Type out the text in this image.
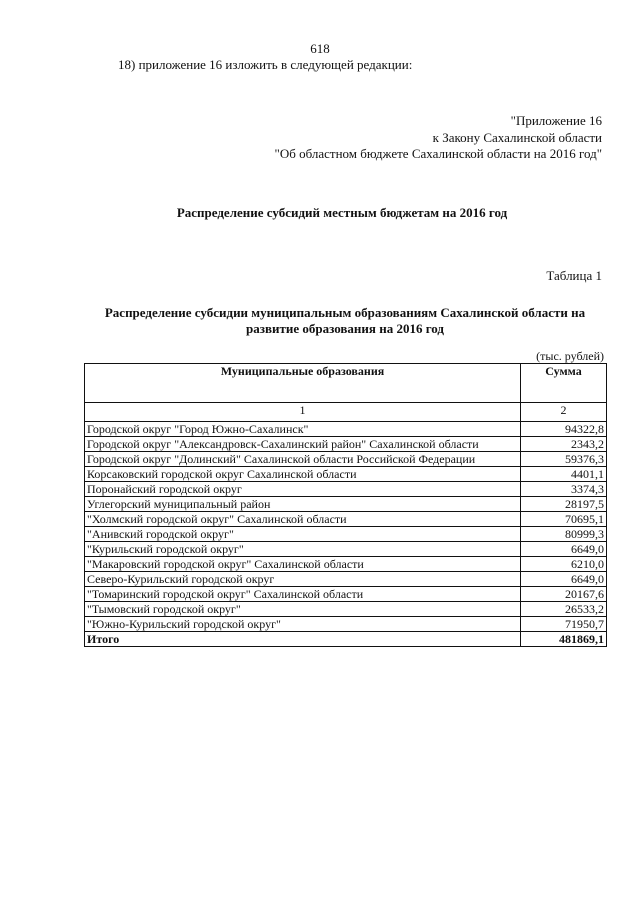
618
18) приложение 16 изложить в следующей редакции:
"Приложение 16
к Закону Сахалинской области
"Об областном бюджете Сахалинской области на 2016 год"
Распределение субсидий местным бюджетам на 2016 год
Таблица 1
Распределение субсидии муниципальным образованиям Сахалинской области на
развитие образования на 2016 год
(тыс. рублей)
Муниципальные образования	Сумма
1	2
Городской округ "Город Южно-Сахалинск"	94322,8
Городской округ "Александровск-Сахалинский район" Сахалинской области	2343,2
Городской округ "Долинский" Сахалинской области Российской Федерации	59376,3
Корсаковский городской округ Сахалинской области	4401,1
Поронайский городской округ	3374,3
Углегорский муниципальный район	28197,5
"Холмский городской округ" Сахалинской области	70695,1
"Анивский городской округ"	80999,3
"Курильский городской округ"	6649,0
"Макаровский городской округ" Сахалинской области	6210,0
Северо-Курильский городской округ	6649,0
"Томаринский городской округ" Сахалинской области	20167,6
"Тымовский городской округ"	26533,2
"Южно-Курильский городской округ"	71950,7
Итого	481869,1
